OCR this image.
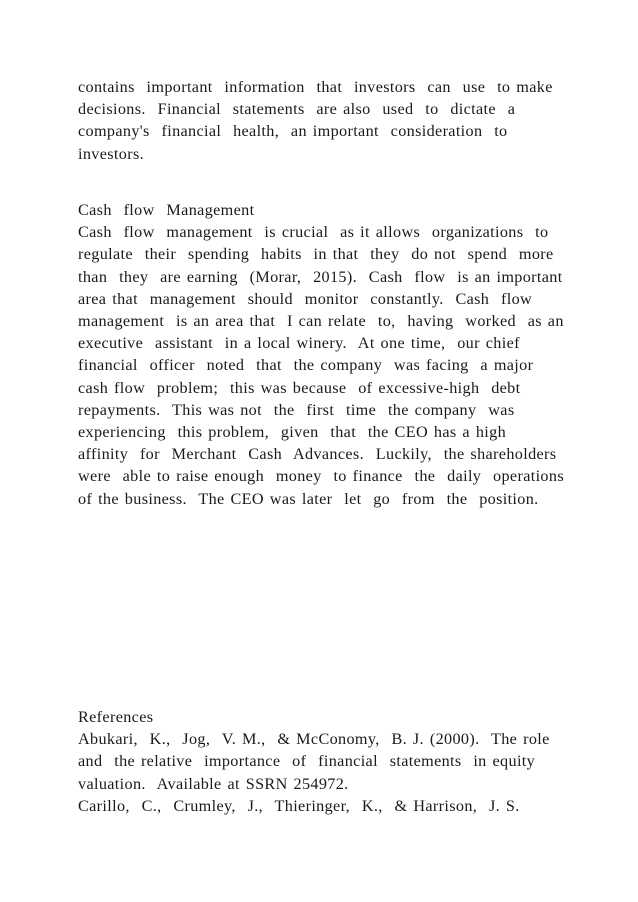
contains  important  information  that  investors  can  use  to make
decisions.  Financial  statements  are also  used  to  dictate  a
company's  financial  health,  an important  consideration  to
investors.
Cash  flow  Management
Cash  flow  management  is crucial  as it allows  organizations  to
regulate  their  spending  habits  in that  they  do not  spend  more
than  they  are earning  (Morar,  2015).  Cash  flow  is an important
area that  management  should  monitor  constantly.  Cash  flow
management  is an area that  I can relate  to,  having  worked  as an
executive  assistant  in a local winery.  At one time,  our chief
financial  officer  noted  that  the company  was facing  a major
cash flow  problem;  this was because  of excessive-high  debt
repayments.  This was not  the  first  time  the company  was
experiencing  this problem,  given  that  the CEO has a high
affinity  for  Merchant  Cash  Advances.  Luckily,  the shareholders
were  able to raise enough  money  to finance  the  daily  operations
of the business.  The CEO was later  let  go  from  the  position.
References
Abukari,  K.,  Jog,  V. M.,  & McConomy,  B. J. (2000).  The role
and  the relative  importance  of  financial  statements  in equity
valuation.  Available at SSRN 254972.
Carillo,  C.,  Crumley,  J.,  Thieringer,  K.,  & Harrison,  J. S.
